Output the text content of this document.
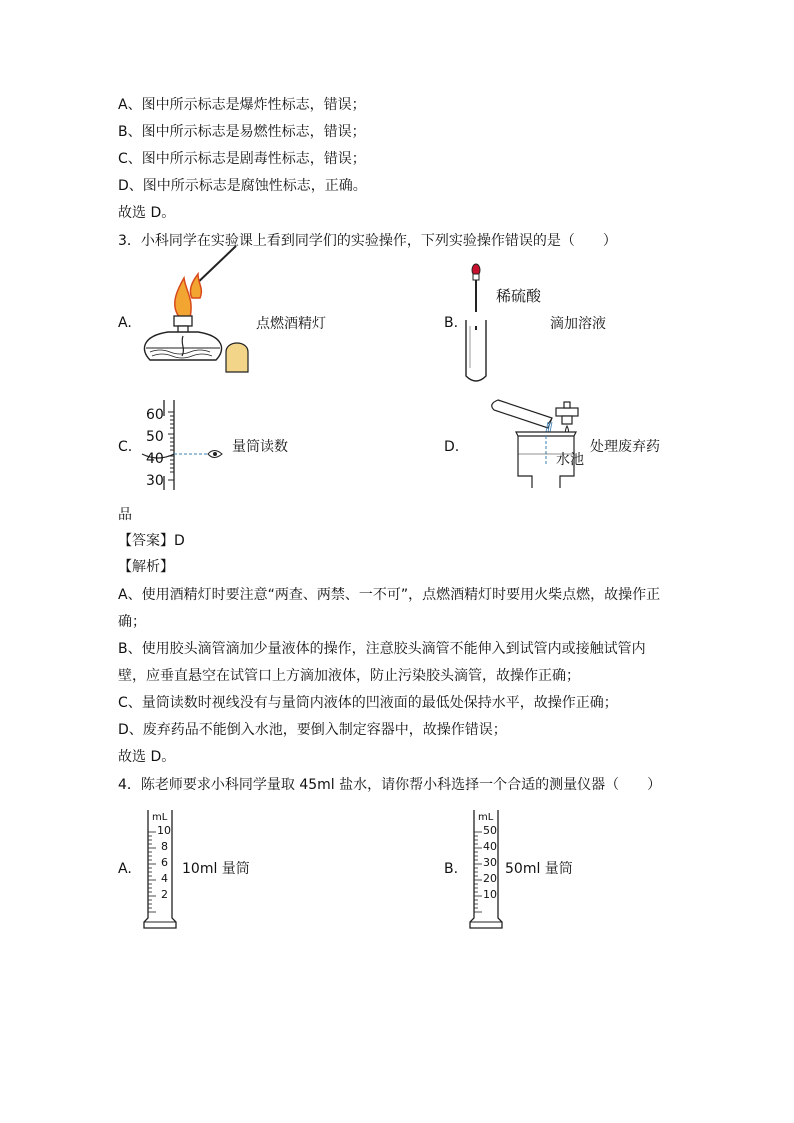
A、图中所示标志是爆炸性标志，错误；
B、图中所示标志是易燃性标志，错误；
C、图中所示标志是剧毒性标志，错误；
D、图中所示标志是腐蚀性标志，正确。
故选 D。
3．小科同学在实验课上看到同学们的实验操作，下列实验操作错误的是（　　）
A.	点燃酒精灯	B.
稀硫酸
滴加溶液
C.
60
50
40
30
量筒读数	D.
水池
处理废弃药
品
【答案】D
【解析】
A、使用酒精灯时要注意“两查、两禁、一不可”，点燃酒精灯时要用火柴点燃，故操作正
确；
B、使用胶头滴管滴加少量液体的操作，注意胶头滴管不能伸入到试管内或接触试管内
壁，应垂直悬空在试管口上方滴加液体，防止污染胶头滴管，故操作正确；
C、量筒读数时视线没有与量筒内液体的凹液面的最低处保持水平，故操作正确；
D、废弃药品不能倒入水池，要倒入制定容器中，故操作错误；
故选 D。
4．陈老师要求小科同学量取 45ml 盐水，请你帮小科选择一个合适的测量仪器（　　）
A.
mL
10
8
6
4
2
10ml 量筒	B.
mL
50
40
30
20
10
50ml 量筒
